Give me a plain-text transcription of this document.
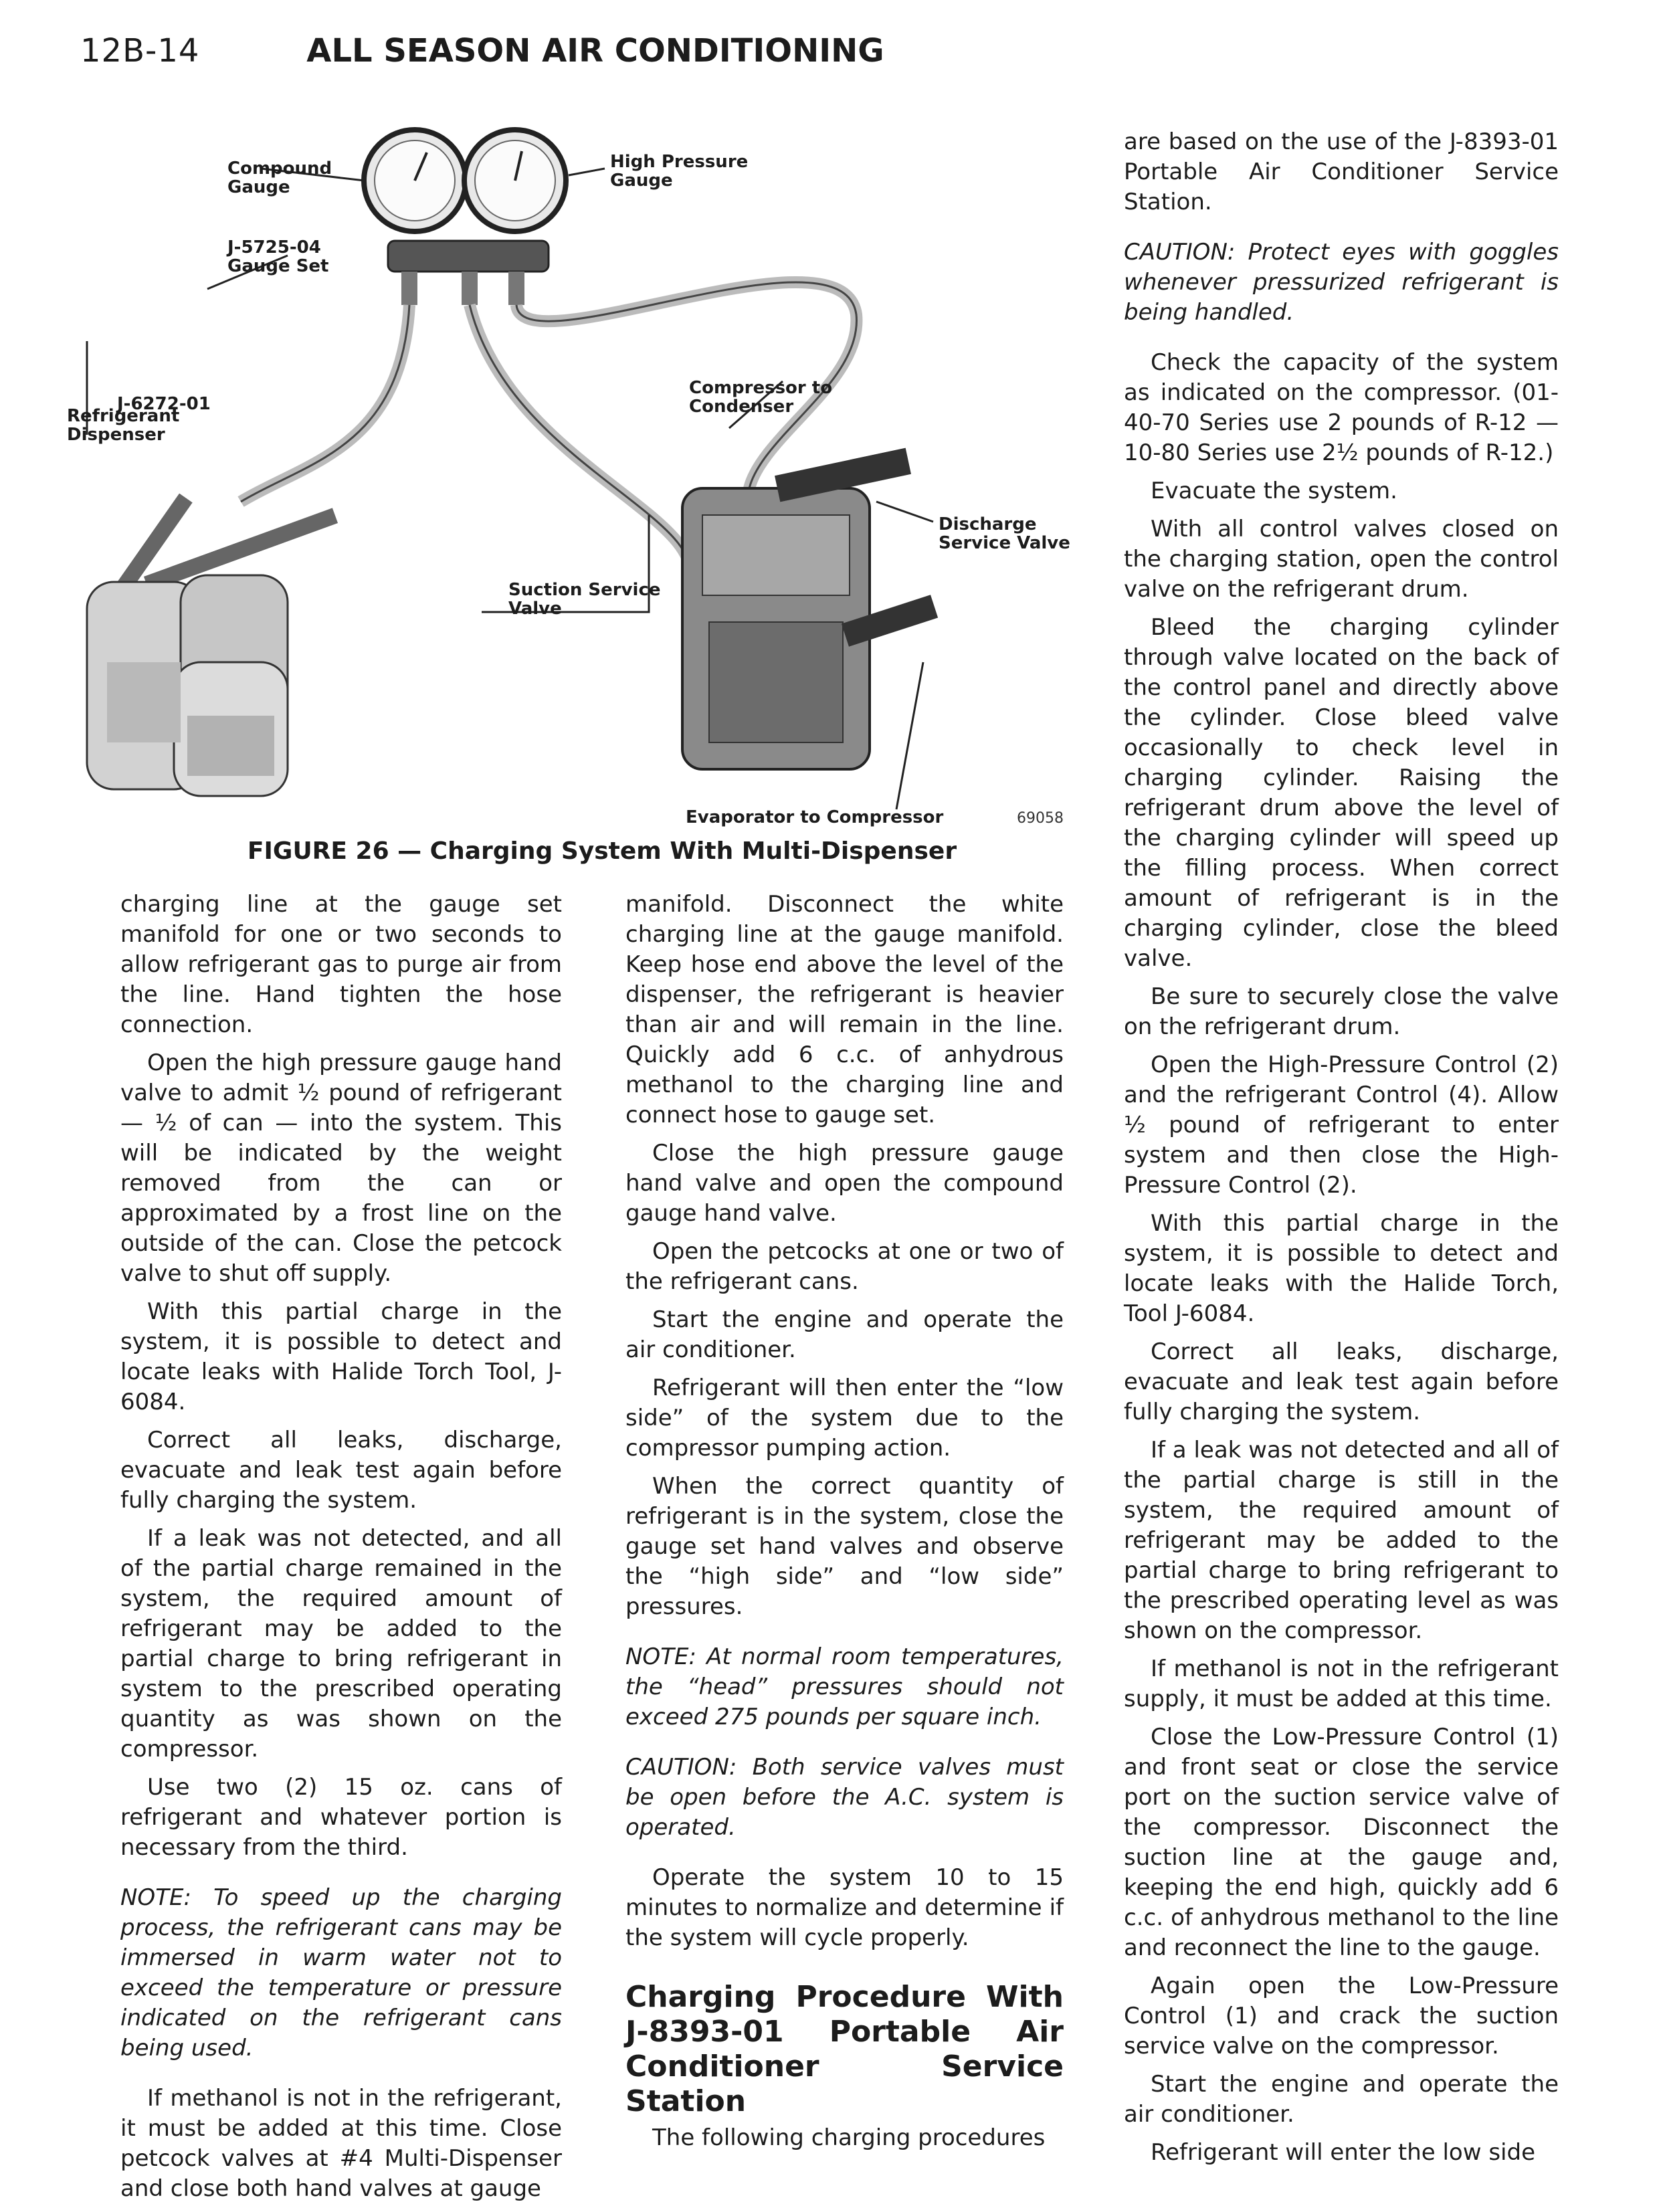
12B-14	ALL SEASON AIR CONDITIONING
Compound Gauge
J-5725-04 Gauge Set
High Pressure Gauge
J-6272-01
Refrigerant Dispenser
Compressor to Condenser
Discharge Service Valve
Suction Service Valve
Evaporator to Compressor	69058
FIGURE 26 — Charging System With Multi-Dispenser

charging line at the gauge set manifold for one or two seconds to allow refrigerant gas to purge air from the line. Hand tighten the hose connection.

Open the high pressure gauge hand valve to admit ½ pound of refrigerant — ½ of can — into the system. This will be indicated by the weight removed from the can or approximated by a frost line on the outside of the can. Close the petcock valve to shut off supply.

With this partial charge in the system, it is possible to detect and locate leaks with Halide Torch Tool, J-6084.

Correct all leaks, discharge, evacuate and leak test again before fully charging the system.

If a leak was not detected, and all of the partial charge remained in the system, the required amount of refrigerant may be added to the partial charge to bring refrigerant in system to the prescribed operating quantity as was shown on the compressor.

Use two (2) 15 oz. cans of refrigerant and whatever portion is necessary from the third.

NOTE: To speed up the charging process, the refrigerant cans may be immersed in warm water not to exceed the temperature or pressure indicated on the refrigerant cans being used.

If methanol is not in the refrigerant, it must be added at this time. Close petcock valves at #4 Multi-Dispenser and close both hand valves at gauge

manifold. Disconnect the white charging line at the gauge manifold. Keep hose end above the level of the dispenser, the refrigerant is heavier than air and will remain in the line. Quickly add 6 c.c. of anhydrous methanol to the charging line and connect hose to gauge set.

Close the high pressure gauge hand valve and open the compound gauge hand valve.

Open the petcocks at one or two of the refrigerant cans.

Start the engine and operate the air conditioner.

Refrigerant will then enter the “low side” of the system due to the compressor pumping action.

When the correct quantity of refrigerant is in the system, close the gauge set hand valves and observe the “high side” and “low side” pressures.

NOTE: At normal room temperatures, the “head” pressures should not exceed 275 pounds per square inch.

CAUTION: Both service valves must be open before the A.C. system is operated.

Operate the system 10 to 15 minutes to normalize and determine if the system will cycle properly.

Charging Procedure With J-8393-01 Portable Air Conditioner Service Station

The following charging procedures

are based on the use of the J-8393-01 Portable Air Conditioner Service Station.

CAUTION: Protect eyes with goggles whenever pressurized refrigerant is being handled.

Check the capacity of the system as indicated on the compressor. (01-40-70 Series use 2 pounds of R-12 — 10-80 Series use 2½ pounds of R-12.)

Evacuate the system.

With all control valves closed on the charging station, open the control valve on the refrigerant drum.

Bleed the charging cylinder through valve located on the back of the control panel and directly above the cylinder. Close bleed valve occasionally to check level in charging cylinder. Raising the refrigerant drum above the level of the charging cylinder will speed up the filling process. When correct amount of refrigerant is in the charging cylinder, close the bleed valve.

Be sure to securely close the valve on the refrigerant drum.

Open the High-Pressure Control (2) and the refrigerant Control (4). Allow ½ pound of refrigerant to enter system and then close the High-Pressure Control (2).

With this partial charge in the system, it is possible to detect and locate leaks with the Halide Torch, Tool J-6084.

Correct all leaks, discharge, evacuate and leak test again before fully charging the system.

If a leak was not detected and all of the partial charge is still in the system, the required amount of refrigerant may be added to the partial charge to bring refrigerant to the prescribed operating level as was shown on the compressor.

If methanol is not in the refrigerant supply, it must be added at this time.

Close the Low-Pressure Control (1) and front seat or close the service port on the suction service valve of the compressor. Disconnect the suction line at the gauge and, keeping the end high, quickly add 6 c.c. of anhydrous methanol to the line and reconnect the line to the gauge.

Again open the Low-Pressure Control (1) and crack the suction service valve on the compressor.

Start the engine and operate the air conditioner.

Refrigerant will enter the low side
